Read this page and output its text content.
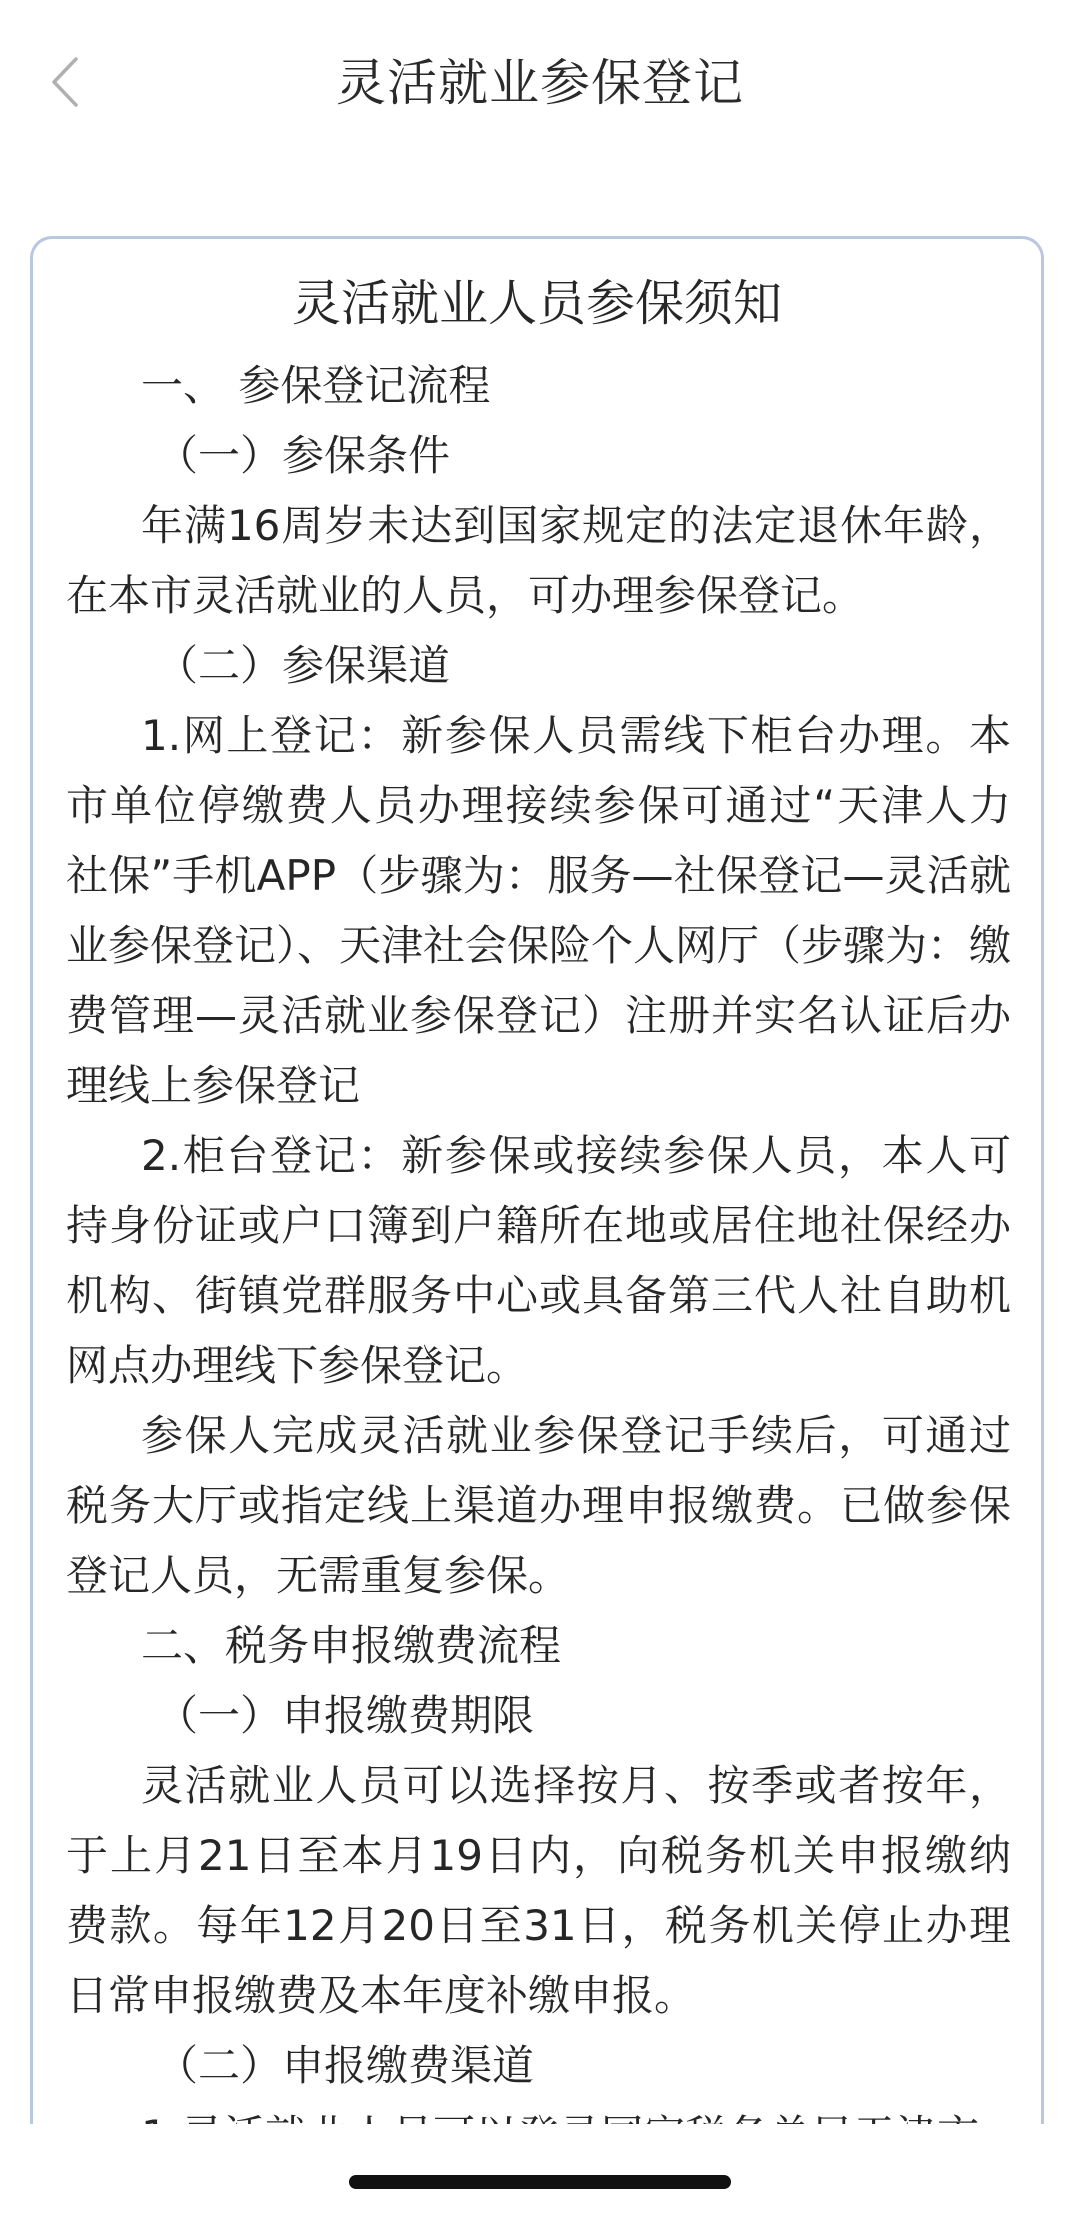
灵活就业参保登记
灵活就业人员参保须知

一、 参保登记流程

（一）参保条件

年满16周岁未达到国家规定的法定退休年龄，在本市灵活就业的人员，可办理参保登记。

（二）参保渠道

1.网上登记：新参保人员需线下柜台办理。本市单位停缴费人员办理接续参保可通过“天津人力社保”手机APP（步骤为：服务—社保登记—灵活就业参保登记）、天津社会保险个人网厅（步骤为：缴费管理—灵活就业参保登记）注册并实名认证后办理线上参保登记

2.柜台登记：新参保或接续参保人员，本人可持身份证或户口簿到户籍所在地或居住地社保经办机构、街镇党群服务中心或具备第三代人社自助机网点办理线下参保登记。

参保人完成灵活就业参保登记手续后，可通过税务大厅或指定线上渠道办理申报缴费。已做参保登记人员，无需重复参保。

二、税务申报缴费流程

（一）申报缴费期限

灵活就业人员可以选择按月、按季或者按年，于上月21日至本月19日内，向税务机关申报缴纳费款。每年12月20日至31日，税务机关停止办理日常申报缴费及本年度补缴申报。

（二）申报缴费渠道
